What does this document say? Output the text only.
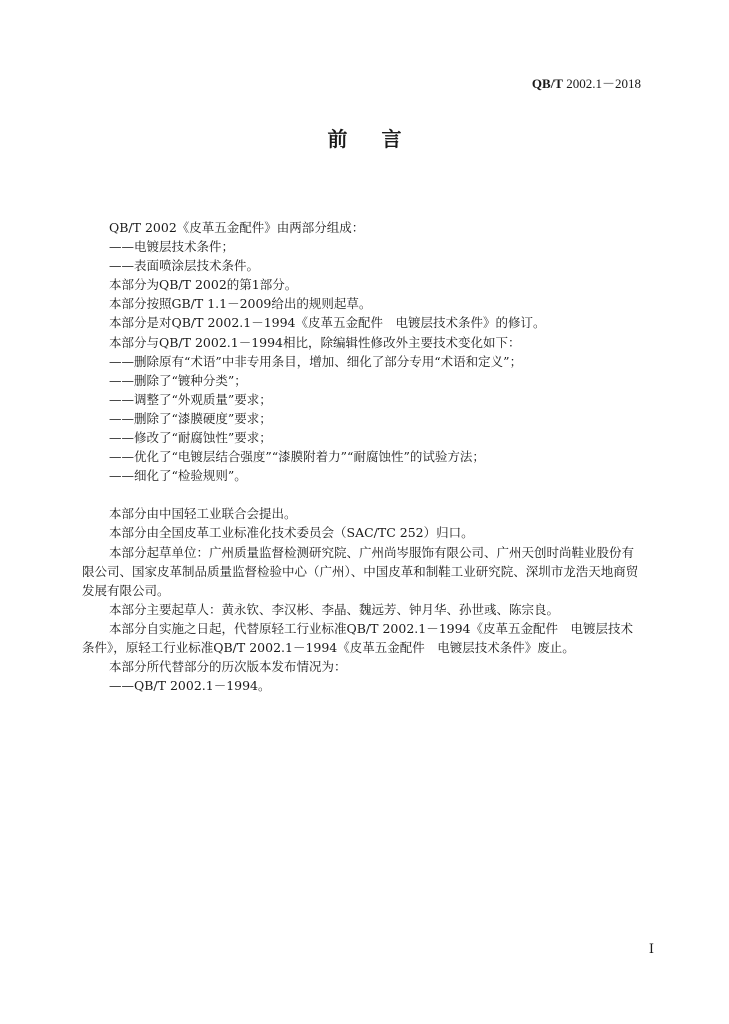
QB/T 2002.1－2018
前言

QB/T 2002《皮革五金配件》由两部分组成：

——电镀层技术条件；

——表面喷涂层技术条件。

本部分为QB/T 2002的第1部分。

本部分按照GB/T 1.1－2009给出的规则起草。

本部分是对QB/T 2002.1－1994《皮革五金配件　电镀层技术条件》的修订。

本部分与QB/T 2002.1－1994相比，除编辑性修改外主要技术变化如下：

——删除原有“术语”中非专用条目，增加、细化了部分专用“术语和定义”；

——删除了“镀种分类”；

——调整了“外观质量”要求；

——删除了“漆膜硬度”要求；

——修改了“耐腐蚀性”要求；

——优化了“电镀层结合强度”“漆膜附着力”“耐腐蚀性”的试验方法；

——细化了“检验规则”。

本部分由中国轻工业联合会提出。

本部分由全国皮革工业标准化技术委员会（SAC/TC 252）归口。

本部分起草单位：广州质量监督检测研究院、广州尚岑服饰有限公司、广州天创时尚鞋业股份有限公司、国家皮革制品质量监督检验中心（广州）、中国皮革和制鞋工业研究院、深圳市龙浩天地商贸发展有限公司。

本部分主要起草人：黄永钦、李汉彬、李晶、魏远芳、钟月华、孙世彧、陈宗良。

本部分自实施之日起，代替原轻工行业标准QB/T 2002.1－1994《皮革五金配件　电镀层技术条件》，原轻工行业标准QB/T 2002.1－1994《皮革五金配件　电镀层技术条件》废止。

本部分所代替部分的历次版本发布情况为：

——QB/T 2002.1－1994。

I
